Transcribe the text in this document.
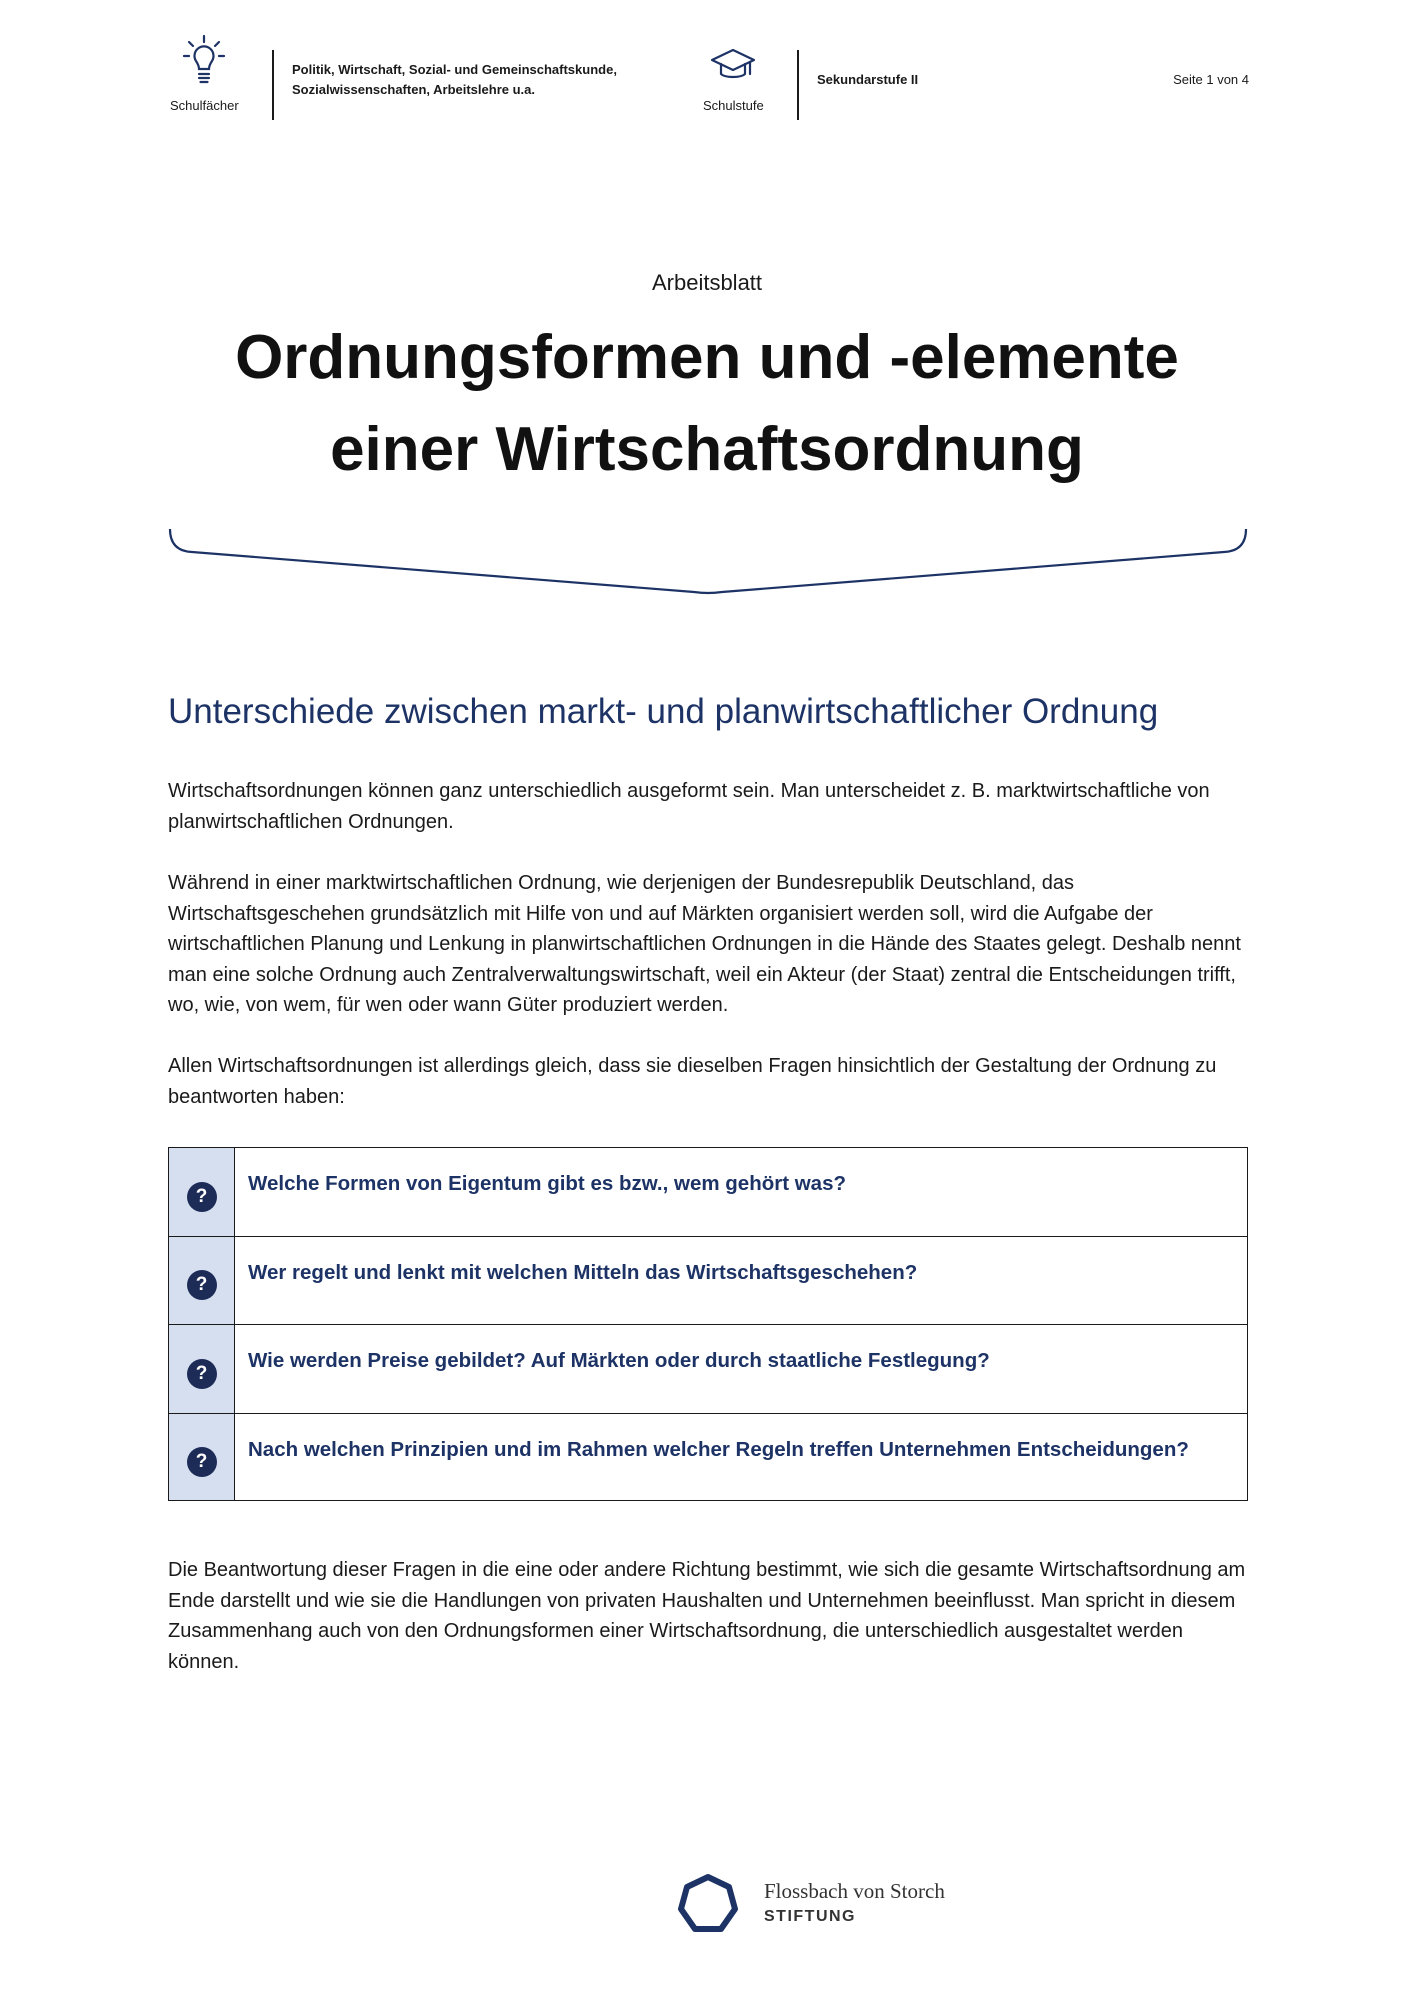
Schulfächer
Politik, Wirtschaft, Sozial- und Gemeinschaftskunde,
Sozialwissenschaften, Arbeitslehre u.a.
Schulstufe
Sekundarstufe II	Seite 1 von 4
Arbeitsblatt
Ordnungsformen und -elemente
einer Wirtschaftsordnung
Unterschiede zwischen markt- und planwirtschaftlicher Ordnung

Wirtschaftsordnungen können ganz unterschiedlich ausgeformt sein. Man unterscheidet z. B. marktwirtschaftliche von planwirtschaftlichen Ordnungen.

Während in einer marktwirtschaftlichen Ordnung, wie derjenigen der Bundesrepublik Deutschland, das Wirtschaftsgeschehen grundsätzlich mit Hilfe von und auf Märkten organisiert werden soll, wird die Aufgabe der wirtschaftlichen Planung und Lenkung in planwirtschaftlichen Ordnungen in die Hände des Staates gelegt. Deshalb nennt man eine solche Ordnung auch Zentralverwaltungswirtschaft, weil ein Akteur (der Staat) zentral die Entscheidungen trifft, wo, wie, von wem, für wen oder wann Güter produziert werden.

Allen Wirtschaftsordnungen ist allerdings gleich, dass sie dieselben Fragen hinsichtlich der Gestaltung der Ordnung zu beantworten haben:

?
Welche Formen von Eigentum gibt es bzw., wem gehört was?
?
Wer regelt und lenkt mit welchen Mitteln das Wirtschaftsgeschehen?
?
Wie werden Preise gebildet? Auf Märkten oder durch staatliche Festlegung?
?
Nach welchen Prinzipien und im Rahmen welcher Regeln treffen Unternehmen Entscheidungen?

Die Beantwortung dieser Fragen in die eine oder andere Richtung bestimmt, wie sich die gesamte Wirtschaftsordnung am Ende darstellt und wie sie die Handlungen von privaten Haushalten und Unternehmen beeinflusst. Man spricht in diesem Zusammenhang auch von den Ordnungsformen einer Wirtschaftsordnung, die unterschiedlich ausgestaltet werden können.

Flossbach von Storch
STIFTUNG
